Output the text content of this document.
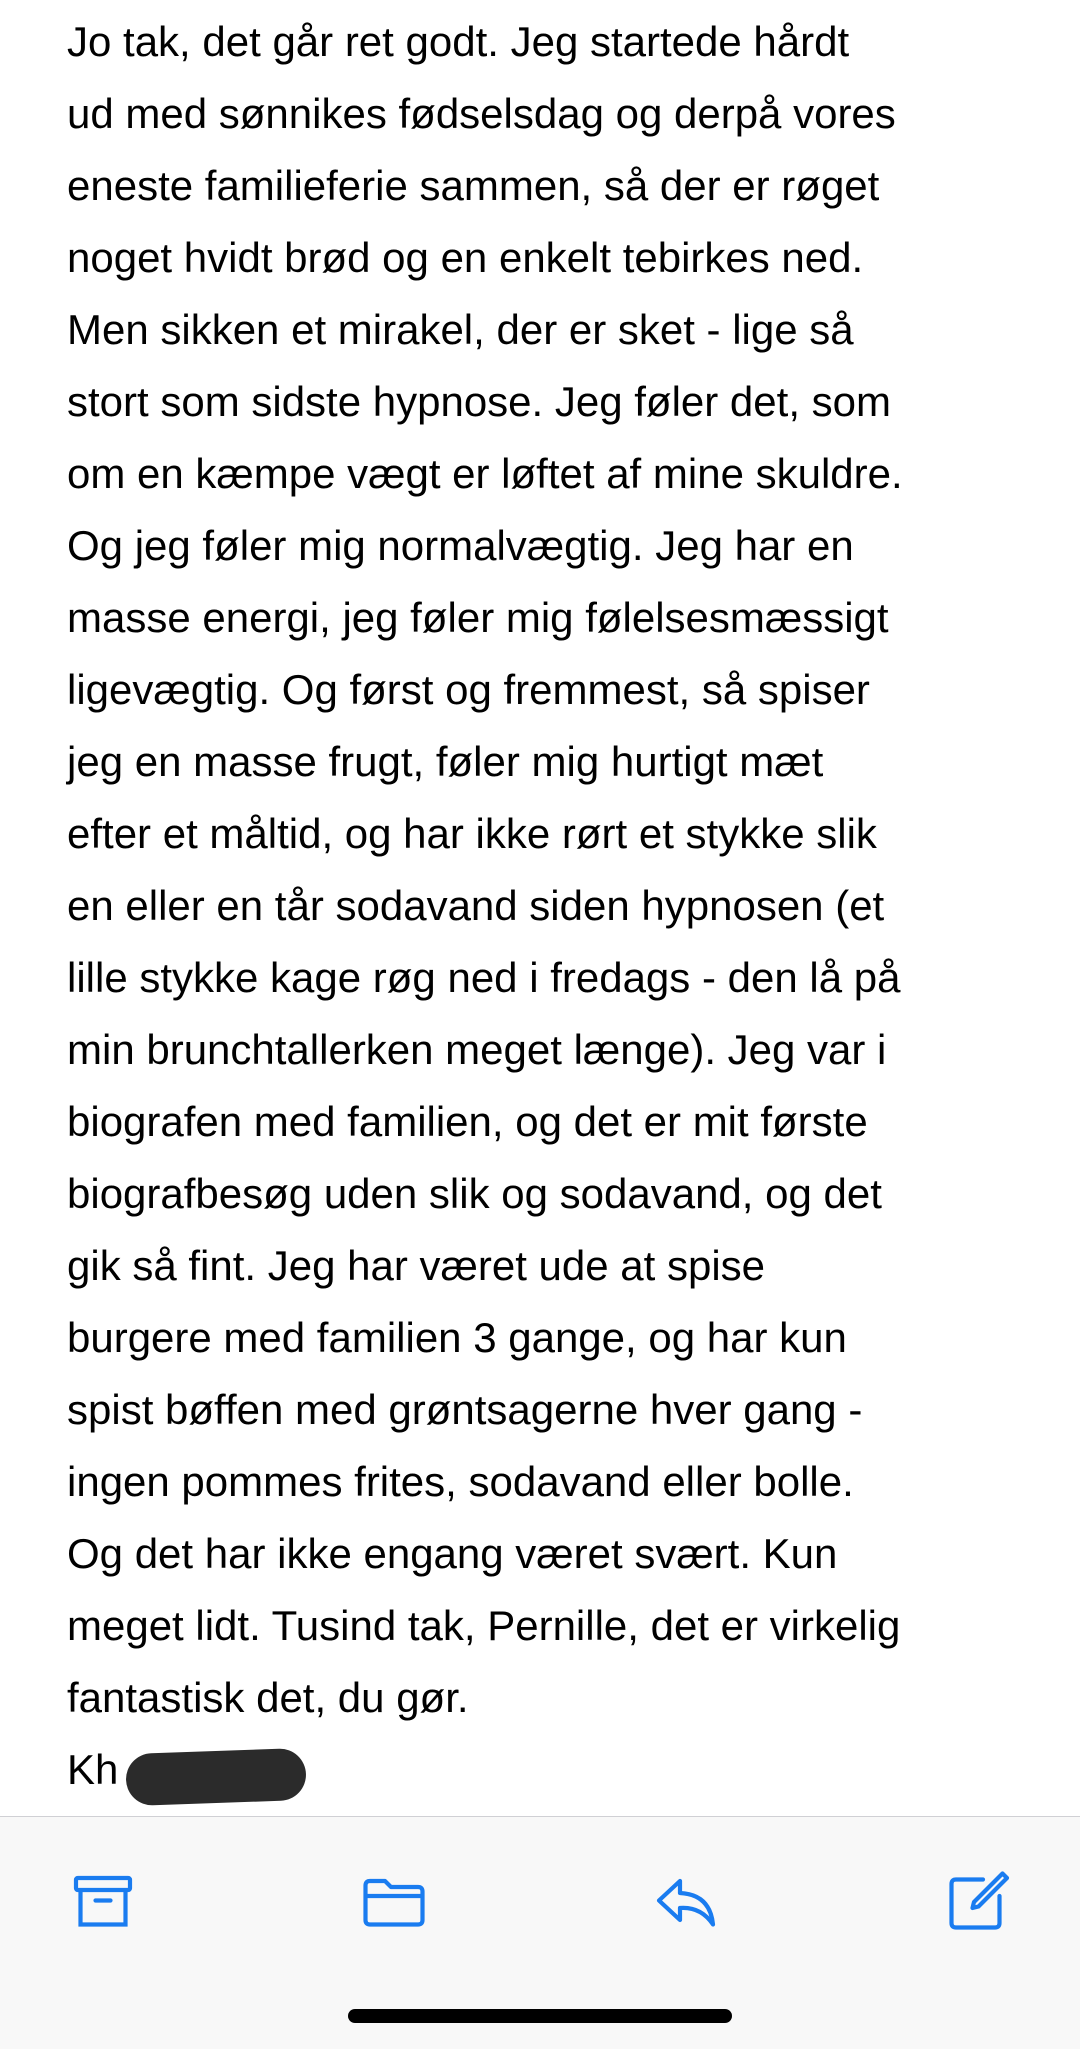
Jo tak, det går ret godt. Jeg startede hårdt
ud med sønnikes fødselsdag og derpå vores
eneste familieferie sammen, så der er røget
noget hvidt brød og en enkelt tebirkes ned.
Men sikken et mirakel, der er sket - lige så
stort som sidste hypnose. Jeg føler det, som
om en kæmpe vægt er løftet af mine skuldre.
Og jeg føler mig normalvægtig. Jeg har en
masse energi, jeg føler mig følelsesmæssigt
ligevægtig. Og først og fremmest, så spiser
jeg en masse frugt, føler mig hurtigt mæt
efter et måltid, og har ikke rørt et stykke slik
en eller en tår sodavand siden hypnosen (et
lille stykke kage røg ned i fredags - den lå på
min brunchtallerken meget længe). Jeg var i
biografen med familien, og det er mit første
biografbesøg uden slik og sodavand, og det
gik så fint. Jeg har været ude at spise
burgere med familien 3 gange, og har kun
spist bøffen med grøntsagerne hver gang -
ingen pommes frites, sodavand eller bolle.
Og det har ikke engang været svært. Kun
meget lidt. Tusind tak, Pernille, det er virkelig
fantastisk det, du gør.
Kh
